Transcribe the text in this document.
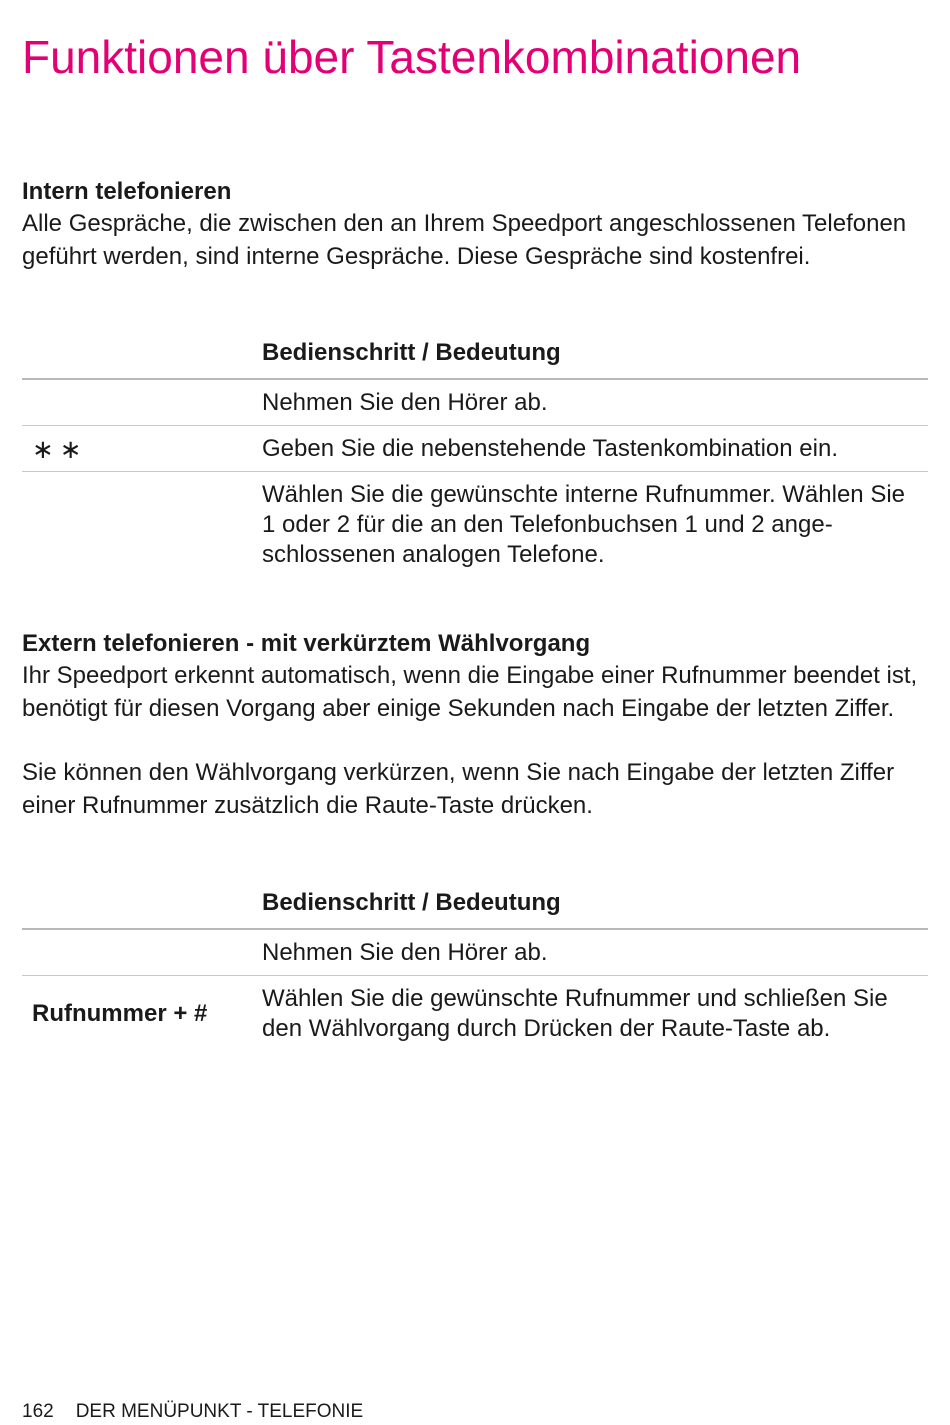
Funktionen über Tastenkombinationen

Intern telefonieren

Alle Gespräche, die zwischen den an Ihrem Speedport angeschlossenen Telefonen geführt werden, sind interne Gespräche. Diese Gespräche sind kostenfrei.

	Bedienschritt / Bedeutung
	Nehmen Sie den Hörer ab.
∗∗	Geben Sie die nebenstehende Tastenkombination ein.
	Wählen Sie die gewünschte interne Rufnummer. Wählen Sie 1 oder 2 für die an den Telefonbuchsen 1 und 2 angeschlossenen analogen Telefone.

Extern telefonieren - mit verkürztem Wählvorgang

Ihr Speedport erkennt automatisch, wenn die Eingabe einer Rufnummer beendet ist, benötigt für diesen Vorgang aber einige Sekunden nach Eingabe der letzten Ziffer.

Sie können den Wählvorgang verkürzen, wenn Sie nach Eingabe der letzten Ziffer einer Rufnummer zusätzlich die Raute-Taste drücken.

	Bedienschritt / Bedeutung
	Nehmen Sie den Hörer ab.
Rufnummer + #	Wählen Sie die gewünschte Rufnummer und schließen Sie den Wählvorgang durch Drücken der Raute-Taste ab.
162 DER MENÜPUNKT - TELEFONIE
